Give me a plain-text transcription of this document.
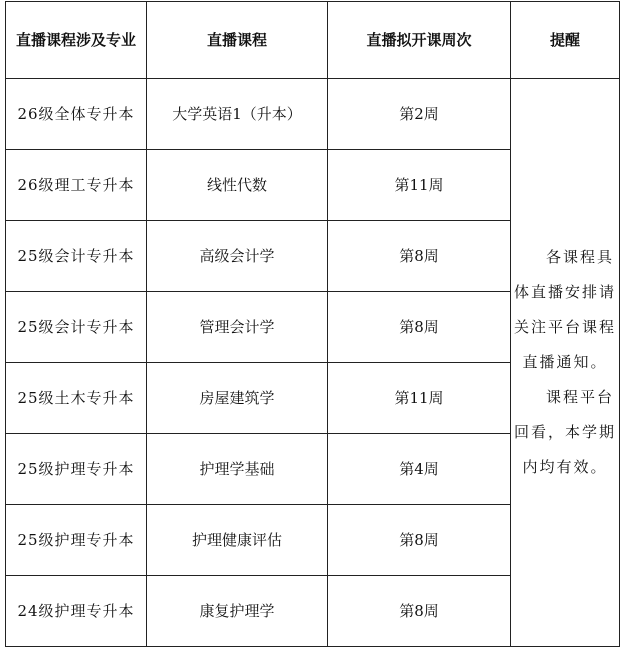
直播课程涉及专业	直播课程	直播拟开课周次	提醒
26级全体专升本	大学英语1（升本）	第2周	各课程具体直播安排请关注平台课程直播通知。

课程平台回看，本学期内均有效。

26级理工专升本	线性代数	第11周	
25级会计专升本	高级会计学	第8周	
25级会计专升本	管理会计学	第8周	
25级土木专升本	房屋建筑学	第11周	
25级护理专升本	护理学基础	第4周	
25级护理专升本	护理健康评估	第8周	
24级护理专升本	康复护理学	第8周	
